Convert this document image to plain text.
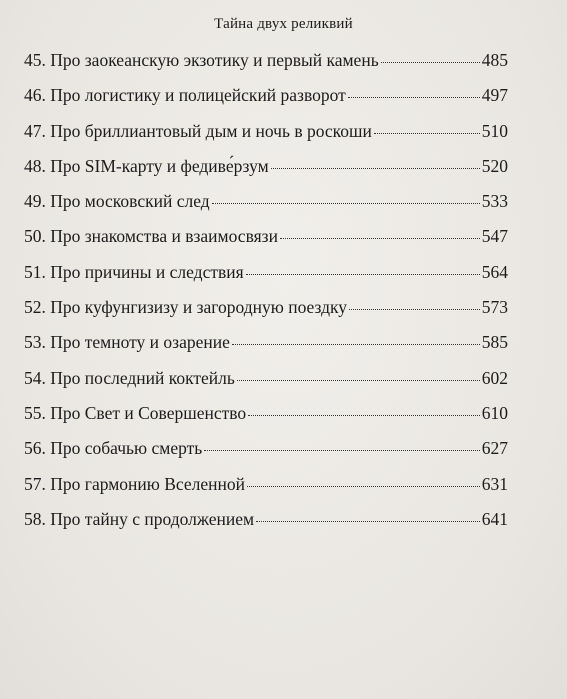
Тайна двух реликвий
45. Про заокеанскую экзотику и первый камень	485
46. Про логистику и полицейский разворот	497
47. Про бриллиантовый дым и ночь в роскоши	510
48. Про SIM-карту и федиве́рзум	520
49. Про московский след	533
50. Про знакомства и взаимосвязи	547
51. Про причины и следствия	564
52. Про куфунгизизу и загородную поездку	573
53. Про темноту и озарение	585
54. Про последний коктейль	602
55. Про Свет и Совершенство	610
56. Про собачью смерть	627
57. Про гармонию Вселенной	631
58. Про тайну с продолжением	641
